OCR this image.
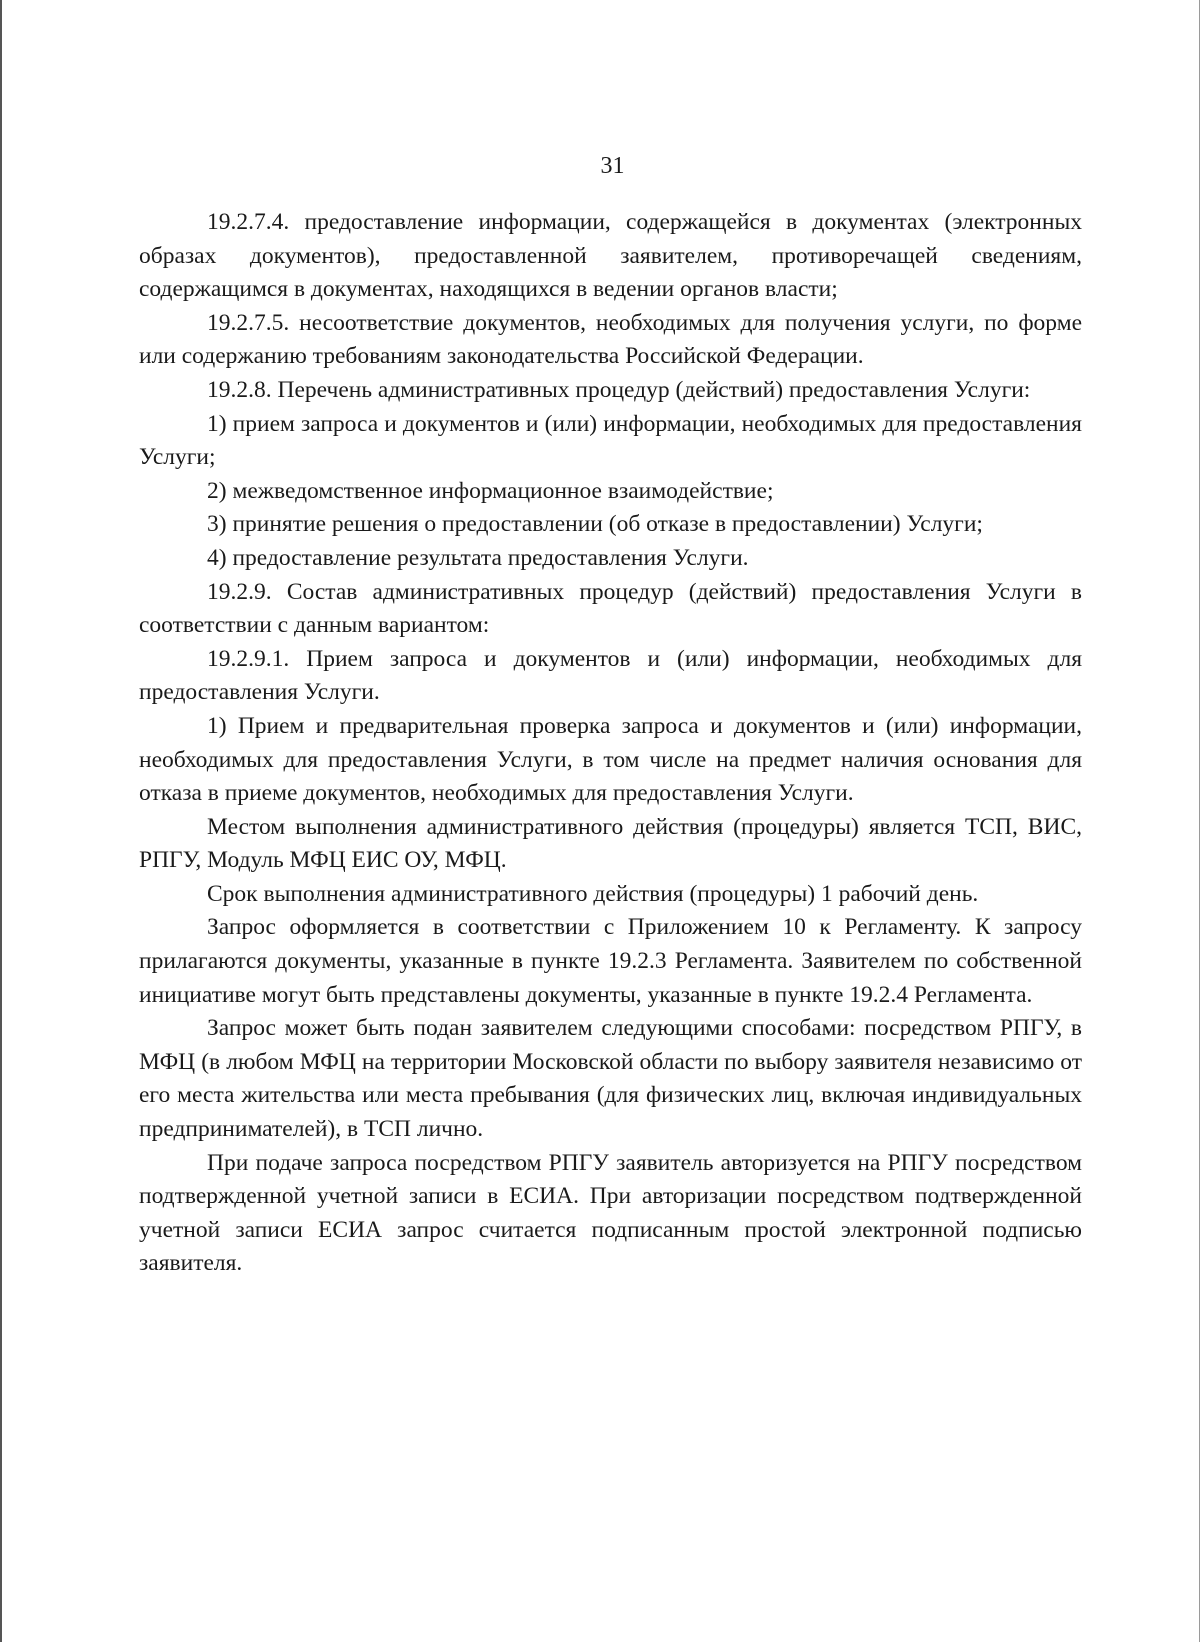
31

19.2.7.4. предоставление информации, содержащейся в документах (электронных образах документов), предоставленной заявителем, противоречащей сведениям, содержащимся в документах, находящихся в ведении органов власти;

19.2.7.5. несоответствие документов, необходимых для получения услуги, по форме или содержанию требованиям законодательства Российской Федерации.

19.2.8. Перечень административных процедур (действий) предоставления Услуги:

1) прием запроса и документов и (или) информации, необходимых для предоставления Услуги;

2) межведомственное информационное взаимодействие;

3) принятие решения о предоставлении (об отказе в предоставлении) Услуги;

4) предоставление результата предоставления Услуги.

19.2.9. Состав административных процедур (действий) предоставления Услуги в соответствии с данным вариантом:

19.2.9.1. Прием запроса и документов и (или) информации, необходимых для предоставления Услуги.

1) Прием и предварительная проверка запроса и документов и (или) информации, необходимых для предоставления Услуги, в том числе на предмет наличия основания для отказа в приеме документов, необходимых для предоставления Услуги.

Местом выполнения административного действия (процедуры) является ТСП, ВИС, РПГУ, Модуль МФЦ ЕИС ОУ, МФЦ.

Срок выполнения административного действия (процедуры) 1 рабочий день.

Запрос оформляется в соответствии с Приложением 10 к Регламенту. К запросу прилагаются документы, указанные в пункте 19.2.3 Регламента. Заявителем по собственной инициативе могут быть представлены документы, указанные в пункте 19.2.4 Регламента.

Запрос может быть подан заявителем следующими способами: посредством РПГУ, в МФЦ (в любом МФЦ на территории Московской области по выбору заявителя независимо от его места жительства или места пребывания (для физических лиц, включая индивидуальных предпринимателей), в ТСП лично.

При подаче запроса посредством РПГУ заявитель авторизуется на РПГУ посредством подтвержденной учетной записи в ЕСИА. При авторизации посредством подтвержденной учетной записи ЕСИА запрос считается подписанным простой электронной подписью заявителя.
